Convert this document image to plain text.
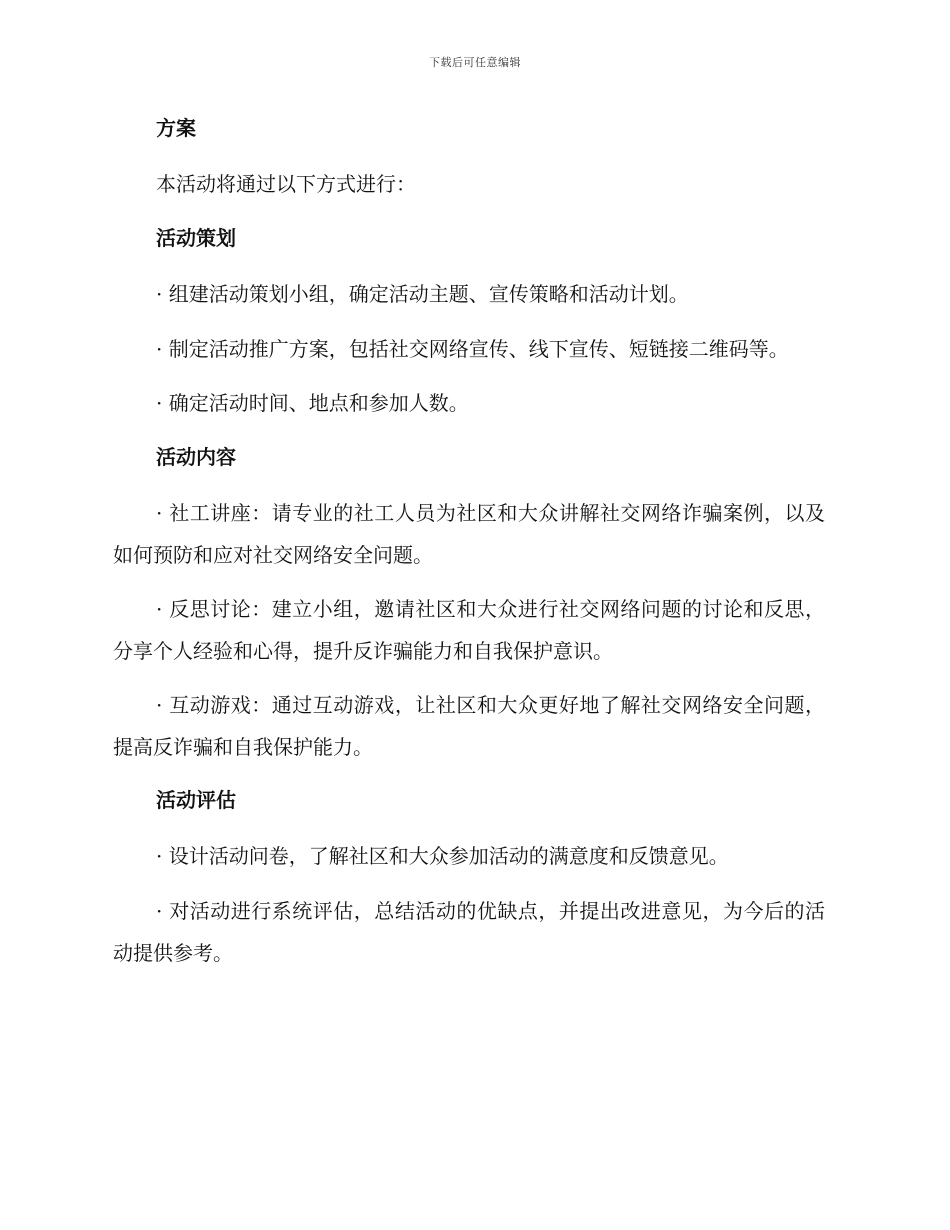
下载后可任意编辑
方案
本活动将通过以下方式进行：
活动策划
· 组建活动策划小组，确定活动主题、宣传策略和活动计划。
· 制定活动推广方案，包括社交网络宣传、线下宣传、短链接二维码等。
· 确定活动时间、地点和参加人数。
活动内容
· 社工讲座：请专业的社工人员为社区和大众讲解社交网络诈骗案例，以及如何预防和应对社交网络安全问题。
· 反思讨论：建立小组，邀请社区和大众进行社交网络问题的讨论和反思，分享个人经验和心得，提升反诈骗能力和自我保护意识。
· 互动游戏：通过互动游戏，让社区和大众更好地了解社交网络安全问题，提高反诈骗和自我保护能力。
活动评估
· 设计活动问卷，了解社区和大众参加活动的满意度和反馈意见。
· 对活动进行系统评估，总结活动的优缺点，并提出改进意见，为今后的活动提供参考。
